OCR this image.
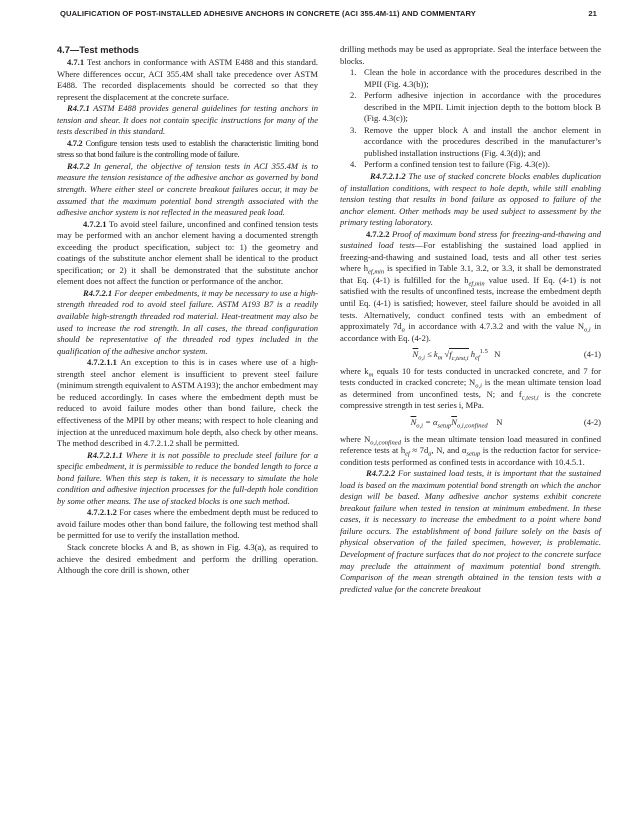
QUALIFICATION OF POST-INSTALLED ADHESIVE ANCHORS IN CONCRETE (ACI 355.4M-11) AND COMMENTARY	21
4.7—Test methods

4.7.1 Test anchors in conformance with ASTM E488 and this standard. Where differences occur, ACI 355.4M shall take precedence over ASTM E488. The recorded displacements should be corrected so that they represent the displacement at the concrete surface.

R4.7.1 ASTM E488 provides general guidelines for testing anchors in tension and shear. It does not contain specific instructions for many of the tests described in this standard.

4.7.2 Configure tension tests used to establish the characteristic limiting bond stress so that bond failure is the controlling mode of failure.

R4.7.2 In general, the objective of tension tests in ACI 355.4M is to measure the tension resistance of the adhesive anchor as governed by bond strength. Where either steel or concrete breakout failures occur, it may be assumed that the maximum potential bond strength associated with the adhesive anchor system is not reflected in the measured peak load.

4.7.2.1 To avoid steel failure, unconfined and confined tension tests may be performed with an anchor element having a documented strength exceeding the product specification, subject to: 1) the geometry and coatings of the substitute anchor element shall be identical to the product specification; or 2) it shall be demonstrated that the substitute anchor element does not affect the function or performance of the anchor.

R4.7.2.1 For deeper embedments, it may be necessary to use a high-strength threaded rod to avoid steel failure. ASTM A193 B7 is a readily available high-strength threaded rod material. Heat-treatment may also be used to increase the rod strength. In all cases, the thread configuration should be representative of the threaded rod types included in the qualification of the adhesive anchor system.

4.7.2.1.1 An exception to this is in cases where use of a high-strength steel anchor element is insufficient to prevent steel failure (minimum strength equivalent to ASTM A193); the anchor embedment may be reduced accordingly. In cases where the embedment depth must be reduced to avoid failure modes other than bond failure, check the effectiveness of the MPII by other means; with respect to hole cleaning and injection at the unreduced maximum hole depth, also check by other means. The method described in 4.7.2.1.2 shall be permitted.

R4.7.2.1.1 Where it is not possible to preclude steel failure for a specific embedment, it is permissible to reduce the bonded length to force a bond failure. When this step is taken, it is necessary to simulate the hole condition and adhesive injection processes for the full-depth hole condition by some other means. The use of stacked blocks is one such method.

4.7.2.1.2 For cases where the embedment depth must be reduced to avoid failure modes other than bond failure, the following test method shall be permitted for use to verify the installation method.

Stack concrete blocks A and B, as shown in Fig. 4.3(a), as required to achieve the desired embedment and perform the drilling operation. Although the core drill is shown, other

drilling methods may be used as appropriate. Seal the interface between the blocks.

1. Clean the hole in accordance with the procedures described in the MPII (Fig. 4.3(b));
2. Perform adhesive injection in accordance with the procedures described in the MPII. Limit injection depth to the bottom block B (Fig. 4.3(c));
3. Remove the upper block A and install the anchor element in accordance with the procedures described in the manufacturer’s published installation instructions (Fig. 4.3(d)); and
4. Perform a confined tension test to failure (Fig. 4.3(e)).

R4.7.2.1.2 The use of stacked concrete blocks enables duplication of installation conditions, with respect to hole depth, while still enabling tension testing that results in bond failure as opposed to failure of the anchor element. Other methods may be used subject to assessment by the primary testing laboratory.

4.7.2.2 Proof of maximum bond stress for freezing-and-thawing and sustained load tests—For establishing the sustained load applied in freezing-and-thawing and sustained load, tests and all other test series where $h_{ef,min}$ is specified in Table 3.1, 3.2, or 3.3, it shall be demonstrated that Eq. (4-1) is fulfilled for the $h_{ef,min}$ value used. If Eq. (4-1) is not satisfied with the results of unconfined tests, increase the embedment depth until Eq. (4-1) is satisfied; however, steel failure should be avoided in all tests. Alternatively, conduct confined tests with an embedment of approximately $7d_a$ in accordance with 4.7.3.2 and with the value $N_{o,i}$ in accordance with Eq. (4-2).

$\overline{N}_{o,i} \le k_m$ $√f_{c,test,i}$ $h_{ef}^{1.5}$ N	(4-1)

where $k_m$ equals 10 for tests conducted in uncracked concrete, and 7 for tests conducted in cracked concrete; $N_{o,i}$ is the mean ultimate tension load as determined from unconfined tests, N; and $f_{c,test,i}$ is the concrete compressive strength in test series i, MPa.

$\overline{N}_{o,i} = \alpha_{setup}\overline{N}_{o,i,confined}$ N	(4-2)

where $N_{o,i,confined}$ is the mean ultimate tension load measured in confined reference tests at $h_{ef} \approx 7d_a$, N, and $\alpha_{setup}$ is the reduction factor for service-condition tests performed as confined tests in accordance with 10.4.5.1.

R4.7.2.2 For sustained load tests, it is important that the sustained load is based on the maximum potential bond strength on which the anchor design will be based. Many adhesive anchor systems exhibit concrete breakout failure when tested in tension at minimum embedment. In these cases, it is necessary to increase the embedment to a point where bond failure occurs. The establishment of bond failure solely on the basis of physical observation of the failed specimen, however, is problematic. Development of fracture surfaces that do not project to the concrete surface may preclude the attainment of maximum potential bond strength. Comparison of the mean strength obtained in the tension tests with a predicted value for the concrete breakout
